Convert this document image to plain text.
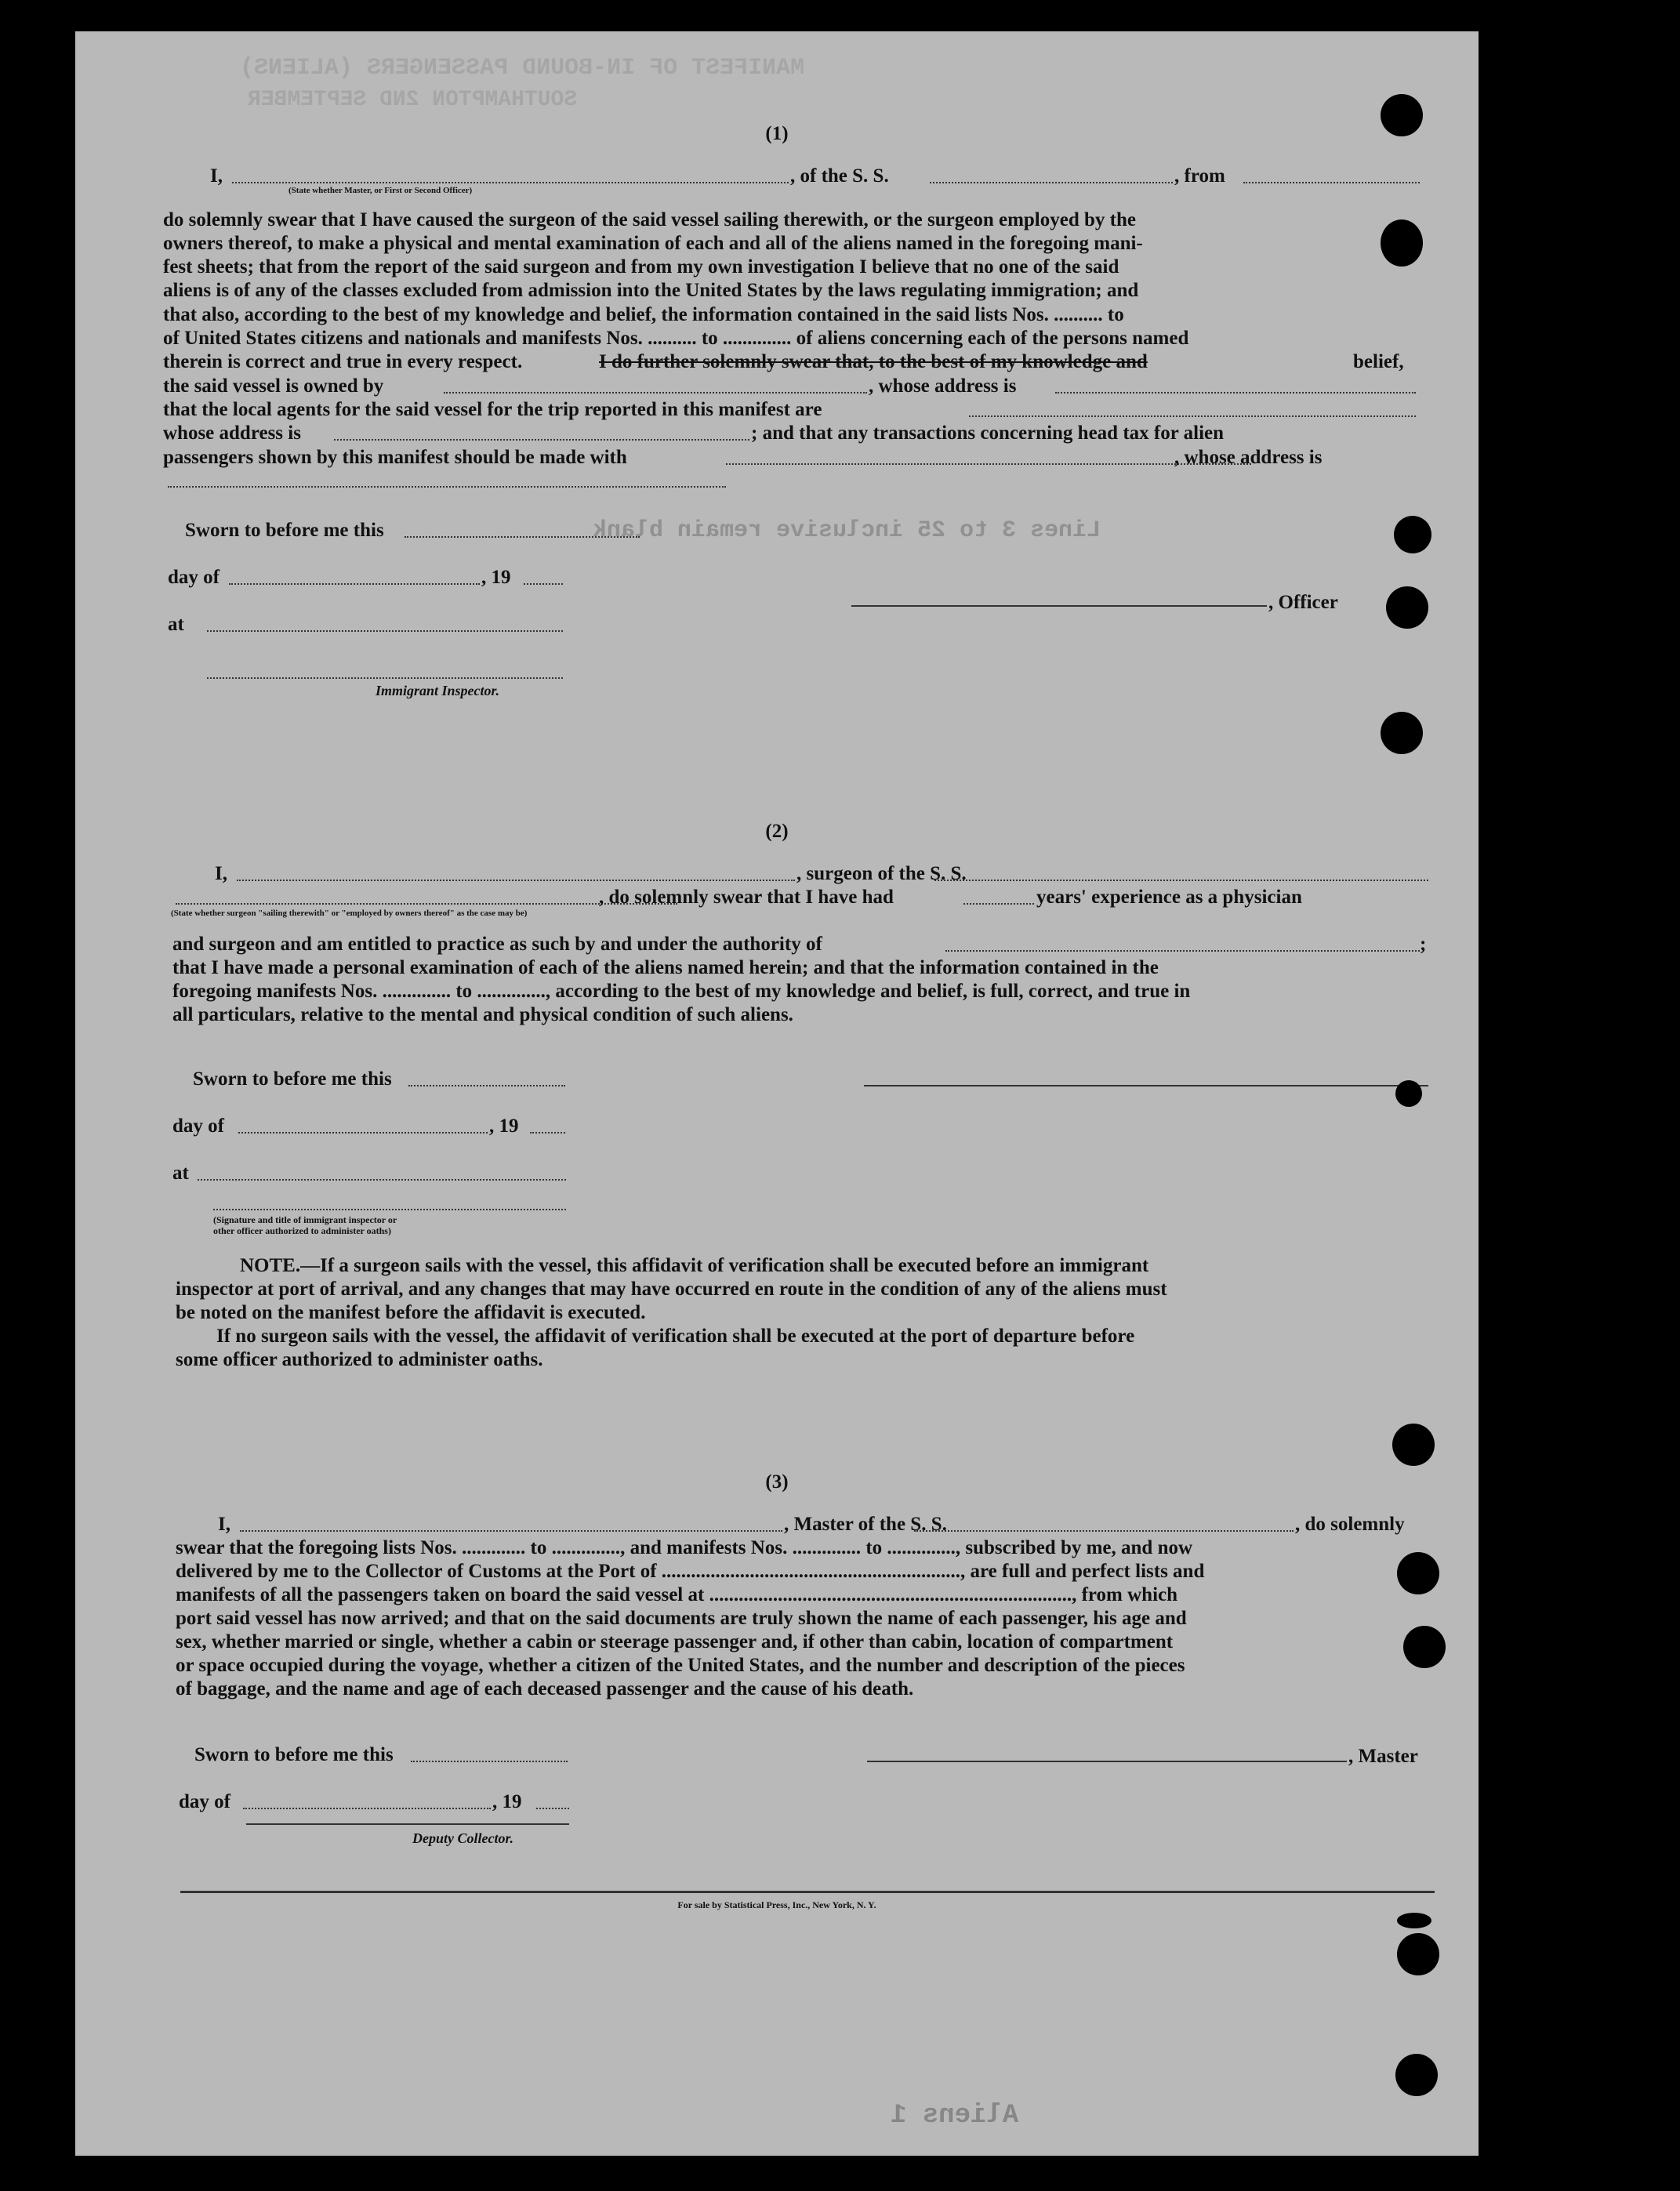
MANIFEST OF IN-BOUND PASSENGERS (ALIENS)
SOUTHAMPTON 2ND SEPTEMBER
Lines 3 to 25 inclusive remain blank
Aliens 1
(1)
I,
(State whether Master, or First or Second Officer)
, of the S. S.	, from
do solemnly swear that I have caused the surgeon of the said vessel sailing therewith, or the surgeon employed by the
owners thereof, to make a physical and mental examination of each and all of the aliens named in the foregoing mani-
fest sheets; that from the report of the said surgeon and from my own investigation I believe that no one of the said
aliens is of any of the classes excluded from admission into the United States by the laws regulating immigration; and
that also, according to the best of my knowledge and belief, the information contained in the said lists Nos. .......... to
of United States citizens and nationals and manifests Nos. .......... to .............. of aliens concerning each of the persons named
therein is correct and true in every respect.	I do further solemnly swear that, to the best of my knowledge and	belief,
the said vessel is owned by	, whose address is
that the local agents for the said vessel for the trip reported in this manifest are
whose address is	; and that any transactions concerning head tax for alien
passengers shown by this manifest should be made with	, whose address is
Sworn to before me this
day of	, 19
at
, Officer
Immigrant Inspector.
(2)
I,	, surgeon of the S. S.
(State whether surgeon "sailing therewith" or "employed by owners thereof" as the case may be)
, do solemnly swear that I have had	years' experience as a physician
and surgeon and am entitled to practice as such by and under the authority of	;
that I have made a personal examination of each of the aliens named herein; and that the information contained in the
foregoing manifests Nos. .............. to .............., according to the best of my knowledge and belief, is full, correct, and true in
all particulars, relative to the mental and physical condition of such aliens.
Sworn to before me this
day of	, 19
at
(Signature and title of immigrant inspector or
other officer authorized to administer oaths)
NOTE.—If a surgeon sails with the vessel, this affidavit of verification shall be executed before an immigrant
inspector at port of arrival, and any changes that may have occurred en route in the condition of any of the aliens must
be noted on the manifest before the affidavit is executed.
If no surgeon sails with the vessel, the affidavit of verification shall be executed at the port of departure before
some officer authorized to administer oaths.
(3)
I,	, Master of the S. S.	, do solemnly
swear that the foregoing lists Nos. ............. to .............., and manifests Nos. .............. to .............., subscribed by me, and now
delivered by me to the Collector of Customs at the Port of ............................................................., are full and perfect lists and
manifests of all the passengers taken on board the said vessel at .........................................................................., from which
port said vessel has now arrived; and that on the said documents are truly shown the name of each passenger, his age and
sex, whether married or single, whether a cabin or steerage passenger and, if other than cabin, location of compartment
or space occupied during the voyage, whether a citizen of the United States, and the number and description of the pieces
of baggage, and the name and age of each deceased passenger and the cause of his death.
Sworn to before me this	, Master
day of	, 19
Deputy Collector.
For sale by Statistical Press, Inc., New York, N. Y.
